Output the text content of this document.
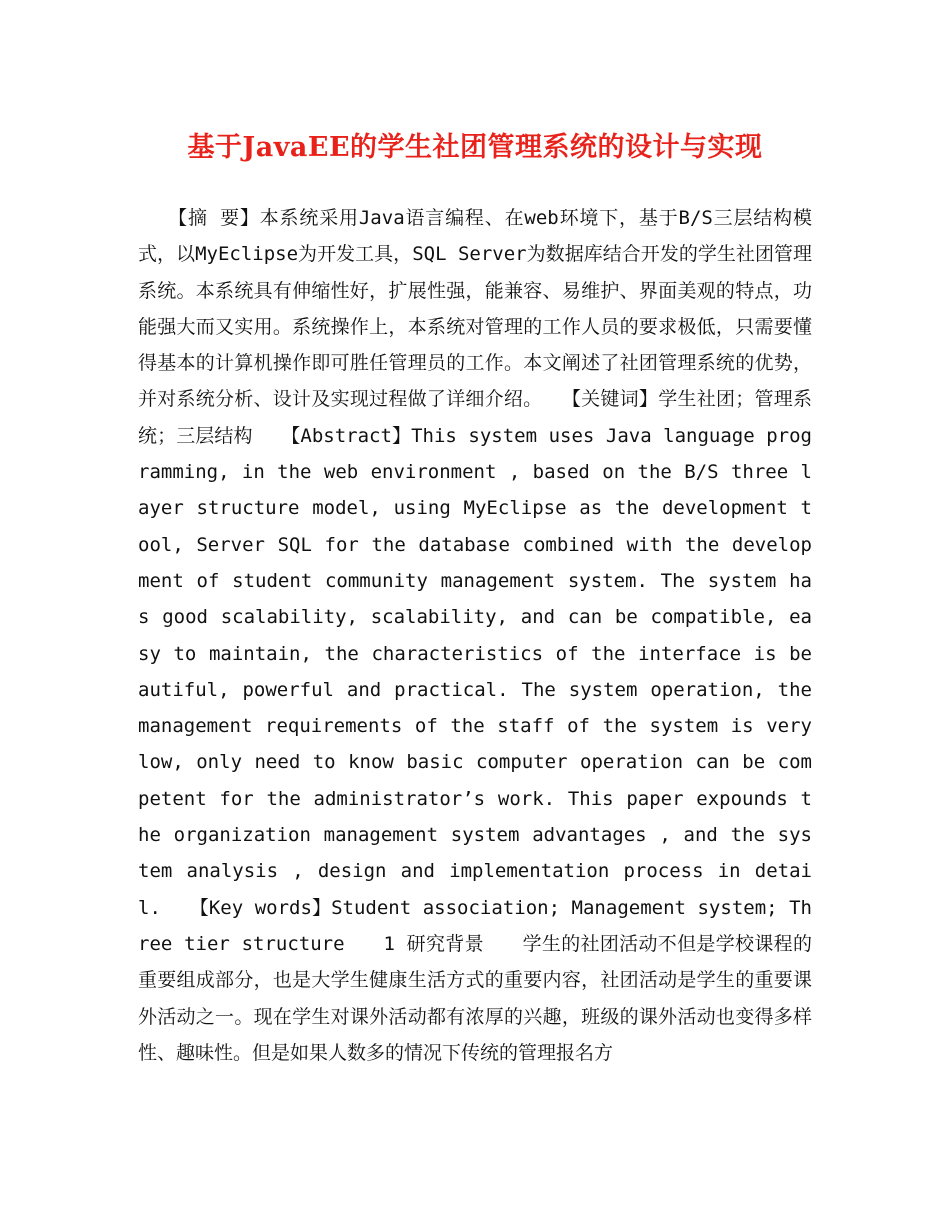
基于JavaEE的学生社团管理系统的设计与实现
　　【摘 要】本系统采用Java语言编程、在web环境下，基于B/S三层结构模式，以MyEclipse为开发工具，SQL Server为数据库结合开发的学生社团管理系统。本系统具有伸缩性好，扩展性强，能兼容、易维护、界面美观的特点，功能强大而又实用。系统操作上，本系统对管理的工作人员的要求极低，只需要懂得基本的计算机操作即可胜任管理员的工作。本文阐述了社团管理系统的优势，并对系统分析、设计及实现过程做了详细介绍。　　【关键词】学生社团；管理系统；三层结构　　【Abstract】This system uses Java language programming, in the web environment , based on the B/S three layer structure model, using MyEclipse as the development tool, Server SQL for the database combined with the development of student community management system. The system has good scalability, scalability, and can be compatible, easy to maintain, the characteristics of the interface is beautiful, powerful and practical. The system operation, the management requirements of the staff of the system is very low, only need to know basic computer operation can be competent for the administrator’s work. This paper expounds the organization management system advantages , and the system analysis , design and implementation process in detail.　　【Key words】Student association; Management system; Three tier structure　　1 研究背景　　学生的社团活动不但是学校课程的重要组成部分，也是大学生健康生活方式的重要内容，社团活动是学生的重要课外活动之一。现在学生对课外活动都有浓厚的兴趣，班级的课外活动也变得多样性、趣味性。但是如果人数多的情况下传统的管理报名方
